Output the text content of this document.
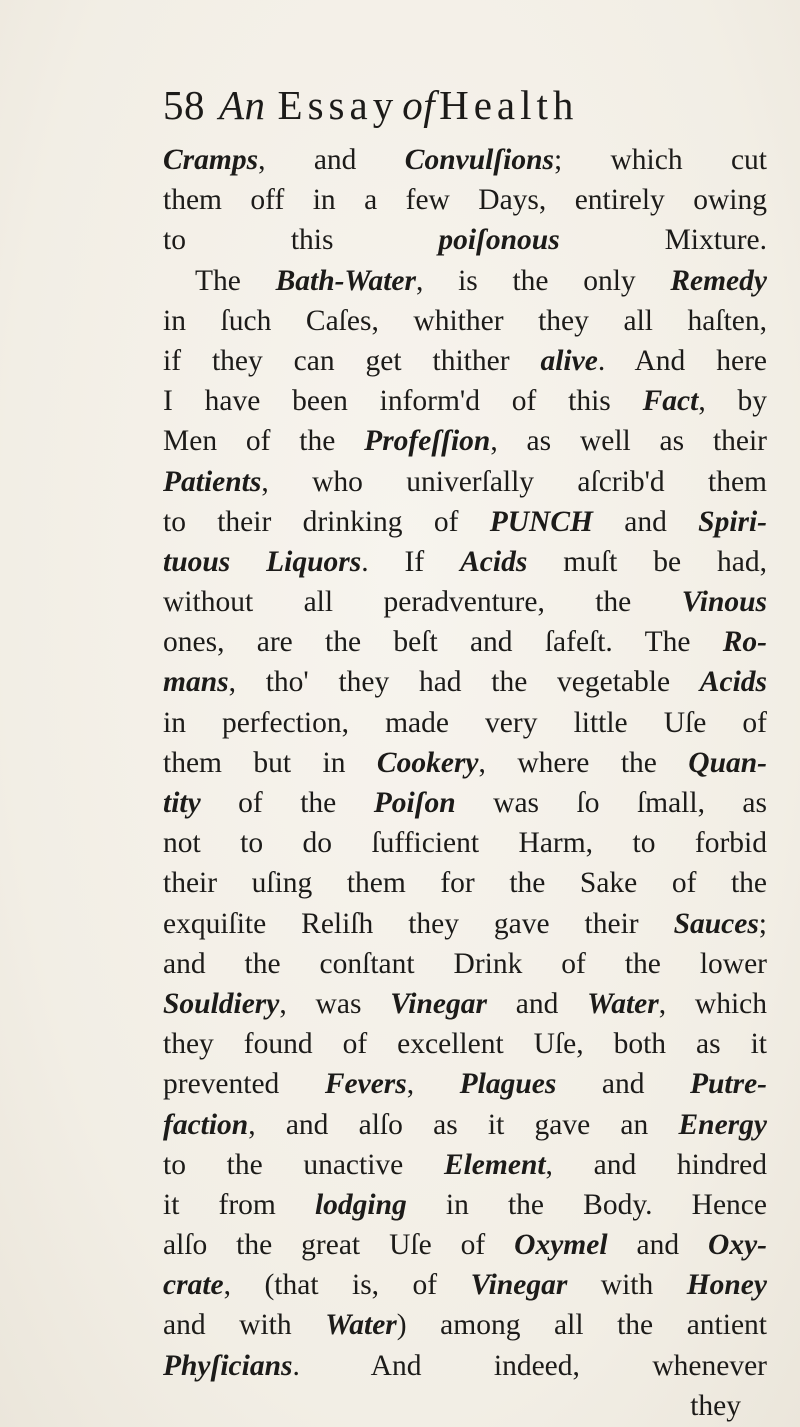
58 An EssayofHealth
Cramps, and Convulſions; which cut
them off in a few Days, entirely owing
to this poiſonous Mixture.
The Bath-Water, is the only Remedy
in ſuch Caſes, whither they all haſten,
if they can get thither alive. And here
I have been inform'd of this Fact, by
Men of the Profeſſion, as well as their
Patients, who univerſally aſcrib'd them
to their drinking of PUNCH and Spiri-
tuous Liquors. If Acids muſt be had,
without all peradventure, the Vinous
ones, are the beſt and ſafeſt. The Ro-
mans, tho' they had the vegetable Acids
in perfection, made very little Uſe of
them but in Cookery, where the Quan-
tity of the Poiſon was ſo ſmall, as
not to do ſufficient Harm, to forbid
their uſing them for the Sake of the
exquiſite Reliſh they gave their Sauces;
and the conſtant Drink of the lower
Souldiery, was Vinegar and Water, which
they found of excellent Uſe, both as it
prevented Fevers, Plagues and Putre-
faction, and alſo as it gave an Energy
to the unactive Element, and hindred
it from lodging in the Body. Hence
alſo the great Uſe of Oxymel and Oxy-
crate, (that is, of Vinegar with Honey
and with Water) among all the antient
Phyſicians. And indeed, whenever
they
